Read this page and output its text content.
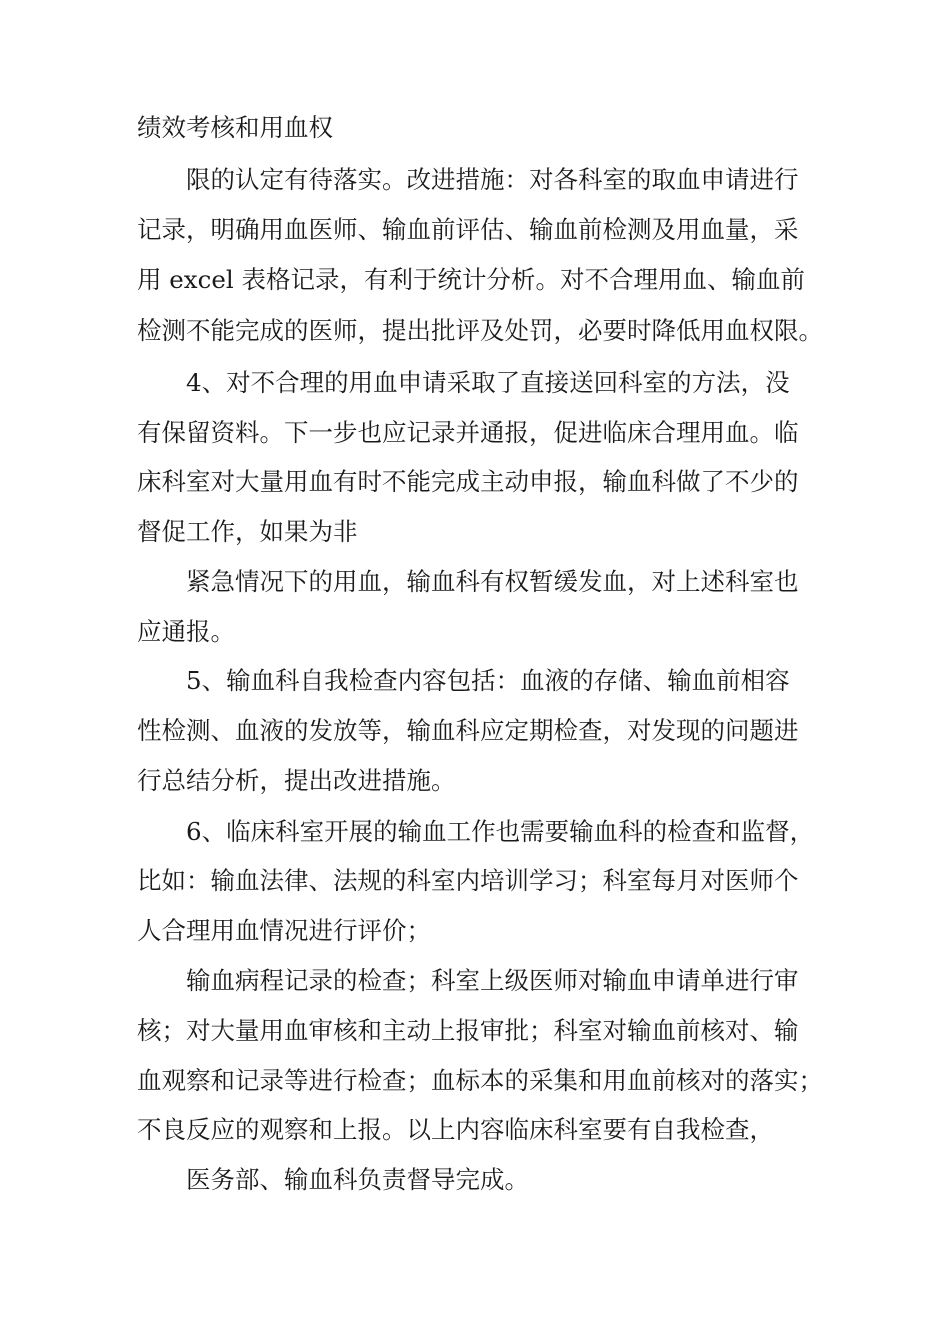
绩效考核和用血权
限的认定有待落实。改进措施：对各科室的取血申请进行
记录，明确用血医师、输血前评估、输血前检测及用血量，采
用 excel 表格记录，有利于统计分析。对不合理用血、输血前
检测不能完成的医师，提出批评及处罚，必要时降低用血权限。
4、对不合理的用血申请采取了直接送回科室的方法，没
有保留资料。下一步也应记录并通报，促进临床合理用血。临
床科室对大量用血有时不能完成主动申报，输血科做了不少的
督促工作，如果为非
紧急情况下的用血，输血科有权暂缓发血，对上述科室也
应通报。
5、输血科自我检查内容包括：血液的存储、输血前相容
性检测、血液的发放等，输血科应定期检查，对发现的问题进
行总结分析，提出改进措施。
6、临床科室开展的输血工作也需要输血科的检查和监督，
比如：输血法律、法规的科室内培训学习；科室每月对医师个
人合理用血情况进行评价；
输血病程记录的检查；科室上级医师对输血申请单进行审
核；对大量用血审核和主动上报审批；科室对输血前核对、输
血观察和记录等进行检查；血标本的采集和用血前核对的落实；
不良反应的观察和上报。以上内容临床科室要有自我检查，
医务部、输血科负责督导完成。
